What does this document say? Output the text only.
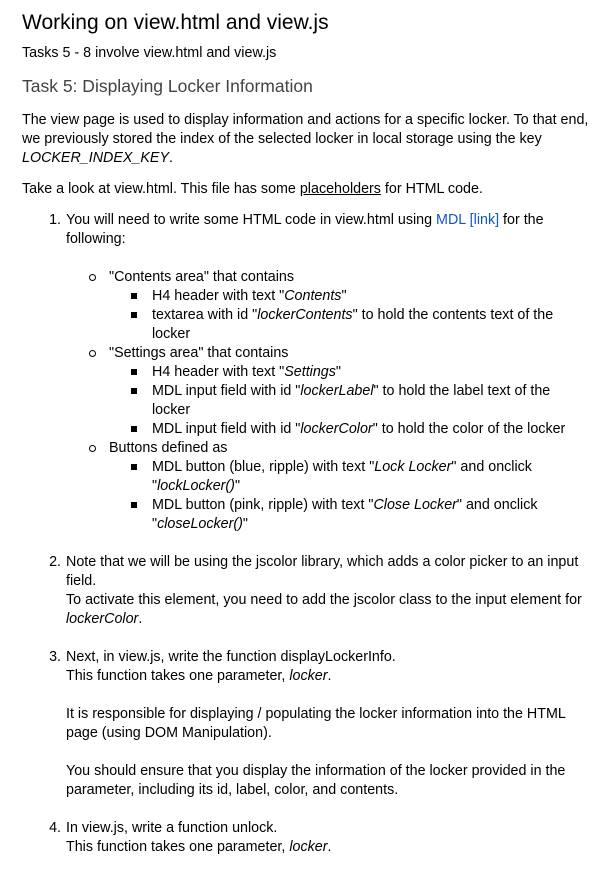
Working on view.html and view.js
Tasks 5 - 8 involve view.html and view.js
Task 5: Displaying Locker Information

The view page is used to display information and actions for a specific locker. To that end, we previously stored the index of the selected locker in local storage using the key LOCKER_INDEX_KEY.

Take a look at view.html. This file has some placeholders for HTML code.

1. You will need to write some HTML code in view.html using MDL [link] for the following:
"Contents area" that contains
H4 header with text "Contents"
textarea with id "lockerContents" to hold the contents text of the locker
"Settings area" that contains
H4 header with text "Settings"
MDL input field with id "lockerLabel" to hold the label text of the locker
MDL input field with id "lockerColor" to hold the color of the locker
Buttons defined as
MDL button (blue, ripple) with text "Lock Locker" and onclick "lockLocker()"
MDL button (pink, ripple) with text "Close Locker" and onclick "closeLocker()"
2. Note that we will be using the jscolor library, which adds a color picker to an input field.
To activate this element, you need to add the jscolor class to the input element for lockerColor.
3. Next, in view.js, write the function displayLockerInfo.
This function takes one parameter, locker.
It is responsible for displaying / populating the locker information into the HTML page (using DOM Manipulation).
You should ensure that you display the information of the locker provided in the parameter, including its id, label, color, and contents.
4. In view.js, write a function unlock.
This function takes one parameter, locker.
